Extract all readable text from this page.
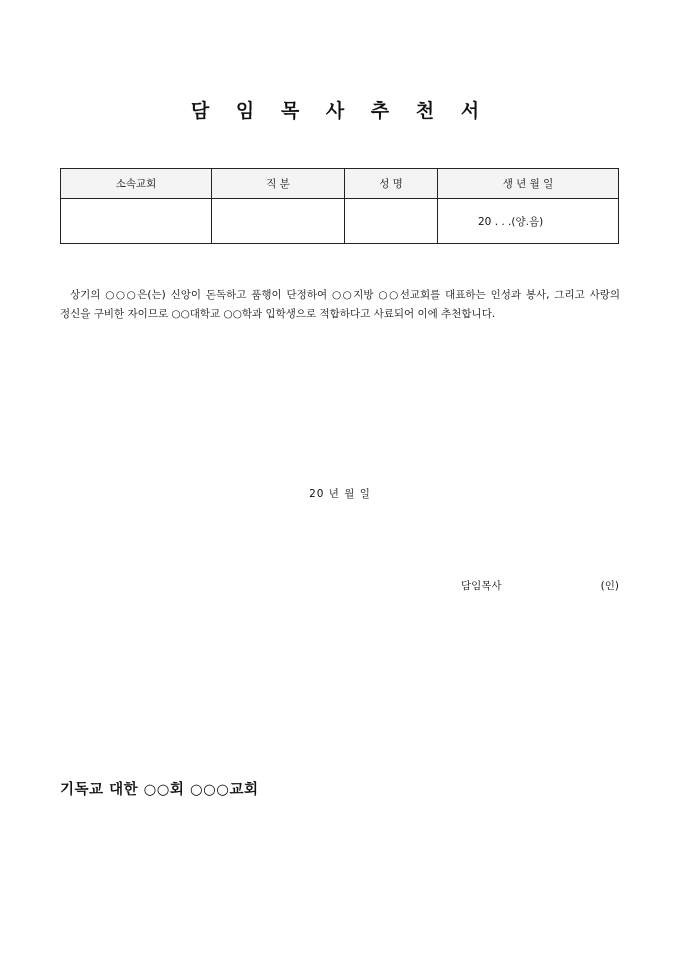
담 임 목 사 추 천 서
소속교회	직 분	성 명	생 년 월 일
			20 . . .(양.음)
상기의 ○○○은(는) 신앙이 돈독하고 품행이 단정하여 ○○지방 ○○선교회를 대표하는 인성과 봉사, 그리고 사랑의 정신을 구비한 자이므로 ○○대학교 ○○학과 입학생으로 적합하다고 사료되어 이에 추천합니다.
20 년 월 일
담임목사	(인)
기독교 대한 ○○회 ○○○교회
